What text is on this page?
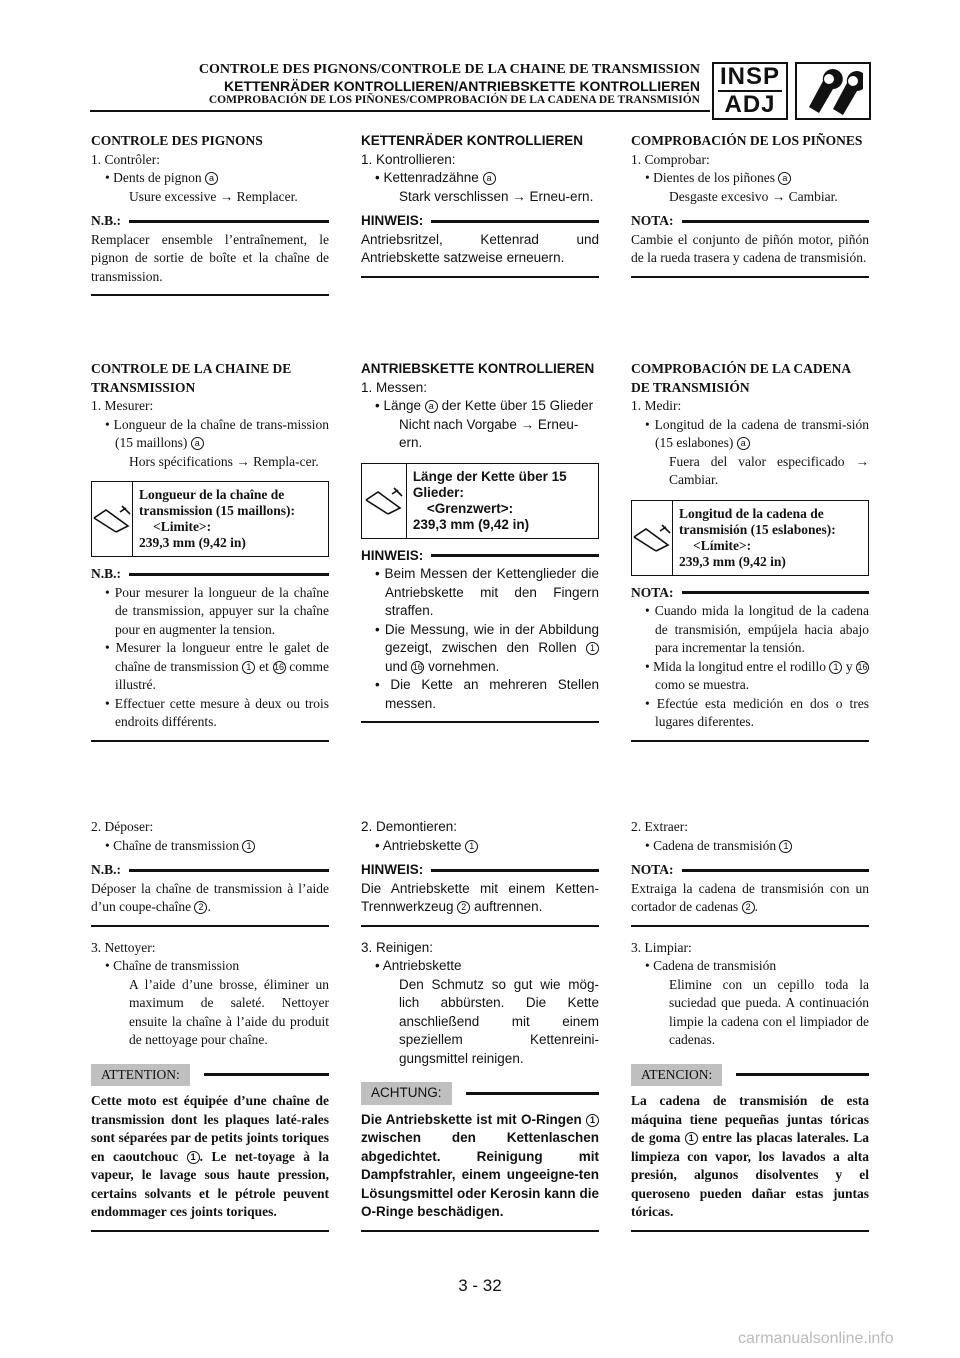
CONTROLE DES PIGNONS/CONTROLE DE LA CHAINE DE TRANSMISSION
KETTENRÄDER KONTROLLIEREN/ANTRIEBSKETTE KONTROLLIEREN
COMPROBACIÓN DE LOS PIÑONES/COMPROBACIÓN DE LA CADENA DE TRANSMISIÓN
INSP
ADJ
CONTROLE DES PIGNONS
1. Contrôler:
• Dents de pignon a
Usure excessive → Remplacer.
N.B.:
Remplacer ensemble l’entraînement, le pignon de sortie de boîte et la chaîne de transmission.
KETTENRÄDER KONTROLLIEREN
1. Kontrollieren:
• Kettenradzähne a
Stark verschlissen → Erneu-ern.
HINWEIS:
Antriebsritzel, Kettenrad und Antriebskette satzweise erneuern.
COMPROBACIÓN DE LOS PIÑONES
1. Comprobar:
• Dientes de los piñones a
Desgaste excesivo → Cambiar.
NOTA:
Cambie el conjunto de piñón motor, piñón de la rueda trasera y cadena de transmisión.
CONTROLE DE LA CHAINE DE TRANSMISSION
1. Mesurer:
• Longueur de la chaîne de trans-mission (15 maillons) a
Hors spécifications → Rempla-cer.
Longueur de la chaîne de transmission (15 maillons):
<Limite>:
239,3 mm (9,42 in)
N.B.:
• Pour mesurer la longueur de la chaîne de transmission, appuyer sur la chaîne pour en augmenter la tension.
• Mesurer la longueur entre le galet de chaîne de transmission 1 et 16 comme illustré.
• Effectuer cette mesure à deux ou trois endroits différents.
ANTRIEBSKETTE KONTROLLIEREN
1. Messen:
• Länge a der Kette über 15 Glieder
Nicht nach Vorgabe → Erneu-ern.
Länge der Kette über 15 Glieder:
<Grenzwert>:
239,3 mm (9,42 in)
HINWEIS:
• Beim Messen der Kettenglieder die Antriebskette mit den Fingern straffen.
• Die Messung, wie in der Abbildung gezeigt, zwischen den Rollen 1 und 16 vornehmen.
• Die Kette an mehreren Stellen messen.
COMPROBACIÓN DE LA CADENA DE TRANSMISIÓN
1. Medir:
• Longitud de la cadena de transmi-sión (15 eslabones) a
Fuera del valor especificado → Cambiar.
Longitud de la cadena de transmisión (15 eslabones):
<Límite>:
239,3 mm (9,42 in)
NOTA:
• Cuando mida la longitud de la cadena de transmisión, empújela hacia abajo para incrementar la tensión.
• Mida la longitud entre el rodillo 1 y 16 como se muestra.
• Efectúe esta medición en dos o tres lugares diferentes.
2. Déposer:
• Chaîne de transmission 1
N.B.:
Déposer la chaîne de transmission à l’aide d’un coupe-chaîne 2 .
3. Nettoyer:
• Chaîne de transmission
A l’aide d’une brosse, éliminer un maximum de saleté. Nettoyer ensuite la chaîne à l’aide du produit de nettoyage pour chaîne.
ATTENTION:
Cette moto est équipée d’une chaîne de transmission dont les plaques laté-rales sont séparées par de petits joints toriques en caoutchouc 1 . Le net-toyage à la vapeur, le lavage sous haute pression, certains solvants et le pétrole peuvent endommager ces joints toriques.
2. Demontieren:
• Antriebskette 1
HINWEIS:
Die Antriebskette mit einem Ketten-Trennwerkzeug 2 auftrennen.
3. Reinigen:
• Antriebskette
Den Schmutz so gut wie mög-lich abbürsten. Die Kette anschließend mit einem speziellem Kettenreini-gungsmittel reinigen.
ACHTUNG:
Die Antriebskette ist mit O-Ringen 1 zwischen den Kettenlaschen abgedichtet. Reinigung mit Dampfstrahler, einem ungeeigne-ten Lösungsmittel oder Kerosin kann die O-Ringe beschädigen.
2. Extraer:
• Cadena de transmisión 1
NOTA:
Extraiga la cadena de transmisión con un cortador de cadenas 2 .
3. Limpiar:
• Cadena de transmisión
Elimine con un cepillo toda la suciedad que pueda. A continuación limpie la cadena con el limpiador de cadenas.
ATENCION:
La cadena de transmisión de esta máquina tiene pequeñas juntas tóricas de goma 1 entre las placas laterales. La limpieza con vapor, los lavados a alta presión, algunos disolventes y el queroseno pueden dañar estas juntas tóricas.
3 - 32
carmanualsonline.info
